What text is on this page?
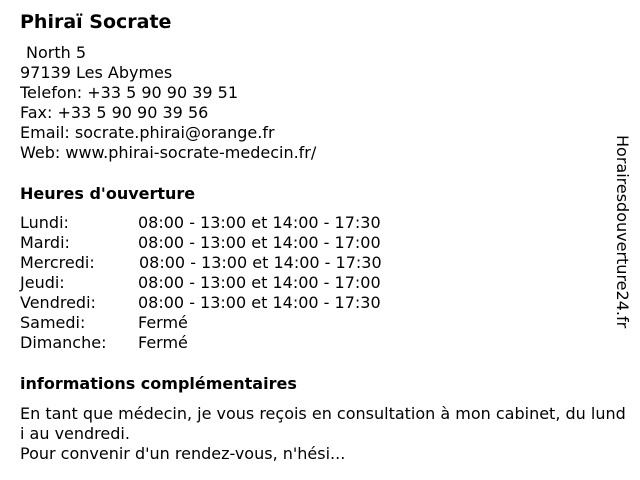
Phiraï Socrate
North 5
97139 Les Abymes
Telefon: +33 5 90 90 39 51
Fax: +33 5 90 90 39 56
Email: socrate.phirai@orange.fr
Web: www.phirai-socrate-medecin.fr/
Heures d'ouverture
Lundi:	08:00 - 13:00 et 14:00 - 17:30
Mardi:	08:00 - 13:00 et 14:00 - 17:00
Mercredi:	08:00 - 13:00 et 14:00 - 17:30
Jeudi:	08:00 - 13:00 et 14:00 - 17:00
Vendredi:	08:00 - 13:00 et 14:00 - 17:30
Samedi:	Fermé
Dimanche: Fermé
informations complémentaires
En tant que médecin, je vous reçois en consultation à mon cabinet, du lundi au vendredi.
Pour convenir d'un rendez-vous, n'hési...
Horairesdouverture24.fr
